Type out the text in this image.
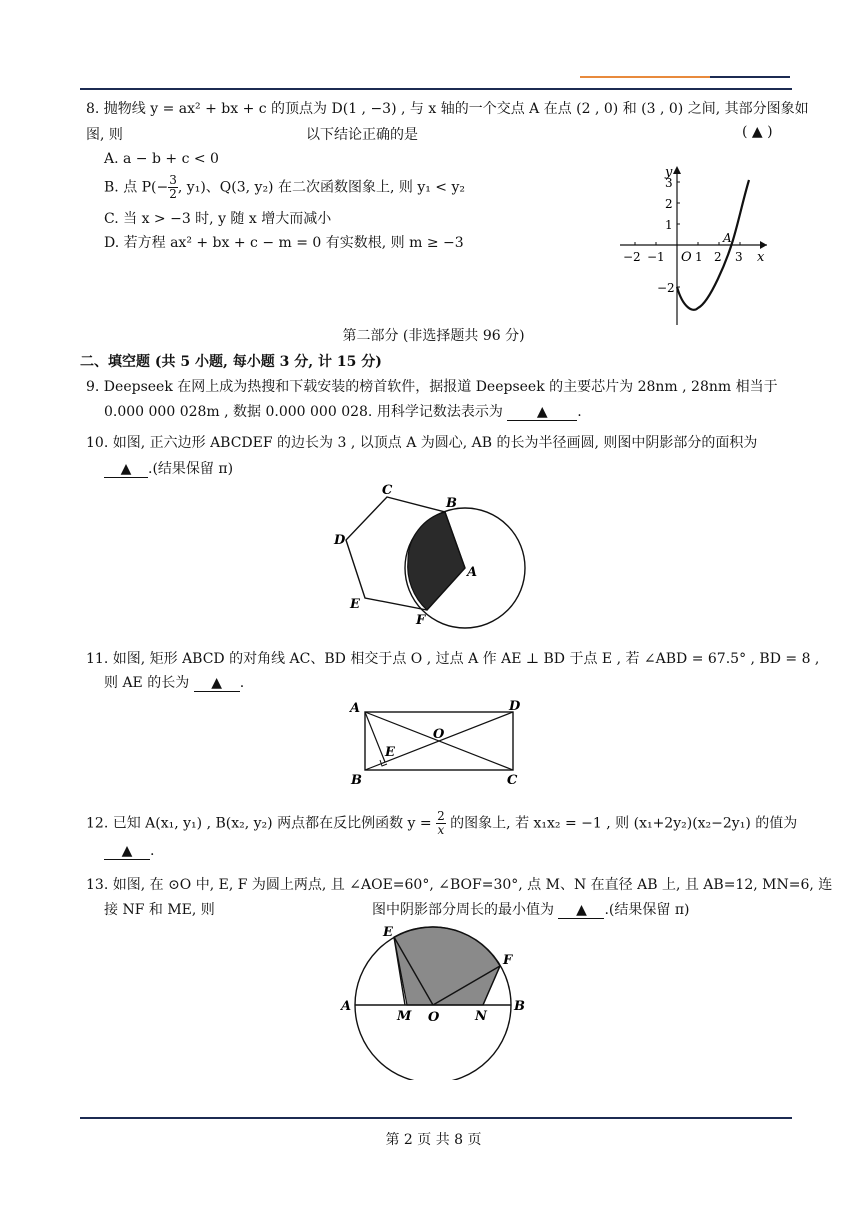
8. 抛物线 y = ax² + bx + c 的顶点为 D(1 , −3) , 与 x 轴的一个交点 A 在点 (2 , 0) 和 (3 , 0) 之间, 其部分图象如
图, 则	以下结论正确的是	( ▲ )
A. a − b + c < 0
B. 点 $P(- \frac{3}{2}$ , y₁)、Q(3, y₂) 在二次函数图象上, 则 y₁ < y₂
C. 当 x > −3 时, y 随 x 增大而减小
D. 若方程 ax² + bx + c − m = 0 有实数根, 则 m ≥ −3
y
x
O
A
−2 −1	1 2 3
3
2
1
−2
第二部分 (非选择题共 96 分)
二、填空题 (共 5 小题, 每小题 3 分, 计 15 分)
9. Deepseek 在网上成为热搜和下载安装的榜首软件，据报道 Deepseek 的主要芯片为 28nm , 28nm 相当于
0.000 000 028m , 数据 0.000 000 028. 用科学记数法表示为 ▲ .
10. 如图, 正六边形 ABCDEF 的边长为 3 , 以顶点 A 为圆心, AB 的长为半径画圆, 则图中阴影部分的面积为
▲ .(结果保留 π)
A
B
C
D
E
F
11. 如图, 矩形 ABCD 的对角线 AC、BD 相交于点 O , 过点 A 作 AE ⊥ BD 于点 E , 若 ∠ABD = 67.5° , BD = 8 ,
则 AE 的长为 ▲ .
A	D
O
E
B	C
12. 已知 A(x₁, y₁) , B(x₂, y₂) 两点都在反比例函数 $y = \frac{2}{x}$ 的图象上, 若 x₁x₂ = −1 , 则 (x₁+2y₂)(x₂−2y₁) 的值为
▲ .
13. 如图, 在 ⊙O 中, E, F 为圆上两点, 且 ∠AOE=60°, ∠BOF=30°, 点 M、N 在直径 AB 上, 且 AB=12, MN=6, 连
接 NF 和 ME, 则	图中阴影部分周长的最小值为 ▲ .(结果保留 π)
E
F
A
M O	N
B
第 2 页 共 8 页
